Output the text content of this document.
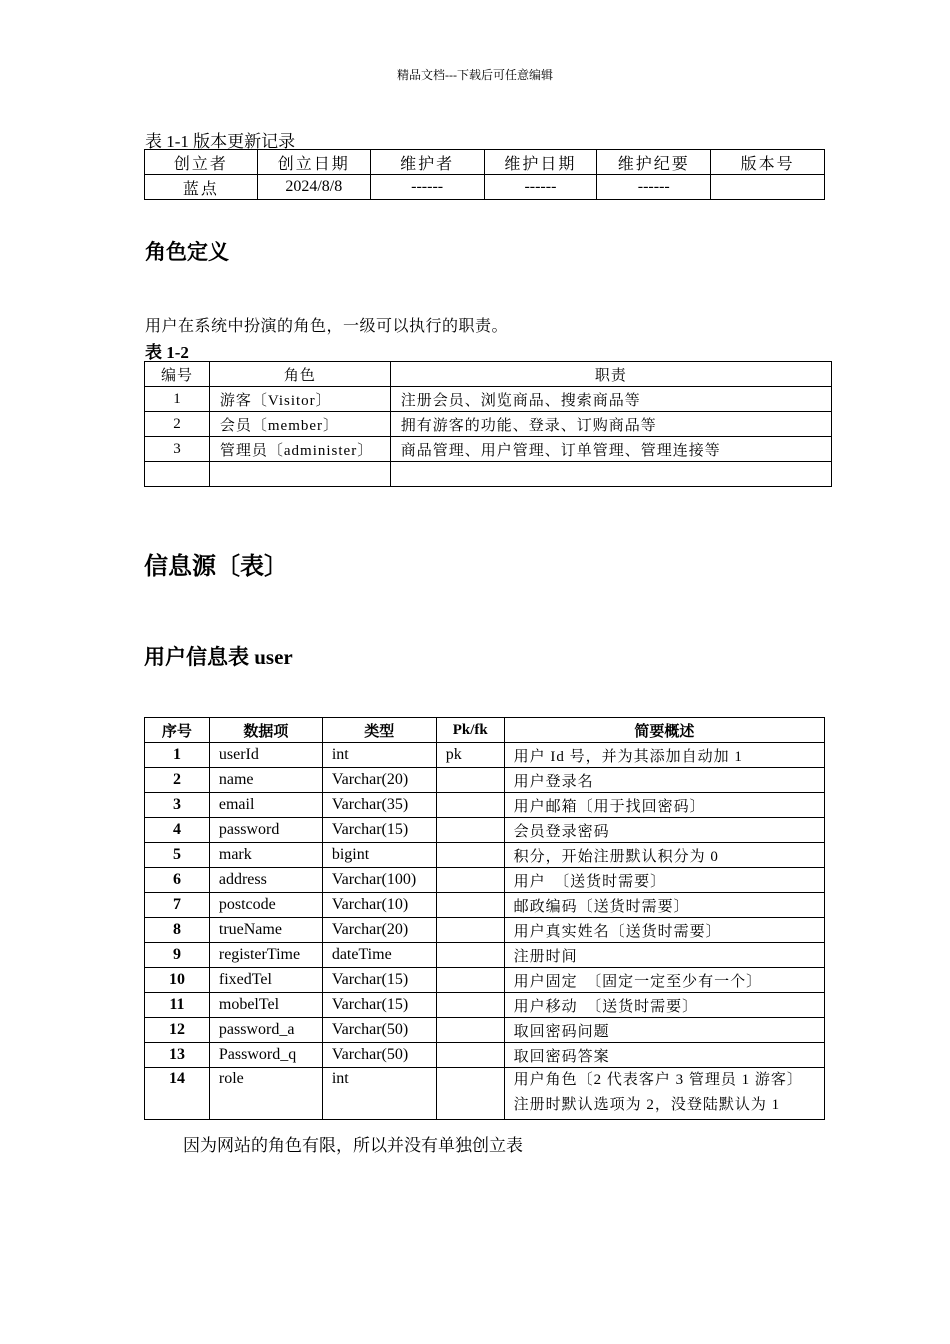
精品文档---下载后可任意编辑
表 1-1 版本更新记录
创立者	创立日期	维护者	维护日期	维护纪要	版本号
蓝点	2024/8/8	------	------	------	
角色定义
用户在系统中扮演的角色，一级可以执行的职责。
表 1-2
编号	角色	职责
1	游客〔Visitor〕	注册会员、浏览商品、搜索商品等
2	会员〔member〕	拥有游客的功能、登录、订购商品等
3	管理员〔administer〕	商品管理、用户管理、订单管理、管理连接等

信息源〔表〕
用户信息表 user
序号	数据项	类型	Pk/fk	简要概述
1	userId	int	pk	用户 Id 号，并为其添加自动加 1
2	name	Varchar(20)		用户登录名
3	email	Varchar(35)		用户邮箱〔用于找回密码〕
4	password	Varchar(15)		会员登录密码
5	mark	bigint		积分，开始注册默认积分为 0
6	address	Varchar(100)		用户　〔送货时需要〕
7	postcode	Varchar(10)		邮政编码〔送货时需要〕
8	trueName	Varchar(20)		用户真实姓名〔送货时需要〕
9	registerTime	dateTime		注册时间
10	fixedTel	Varchar(15)		用户固定　〔固定一定至少有一个〕
11	mobelTel	Varchar(15)		用户移动　〔送货时需要〕
12	password_a	Varchar(50)		取回密码问题
13	Password_q	Varchar(50)		取回密码答案
14	role	int		用户角色〔2 代表客户 3 管理员 1 游客〕
注册时默认选项为 2，没登陆默认为 1
因为网站的角色有限，所以并没有单独创立表
